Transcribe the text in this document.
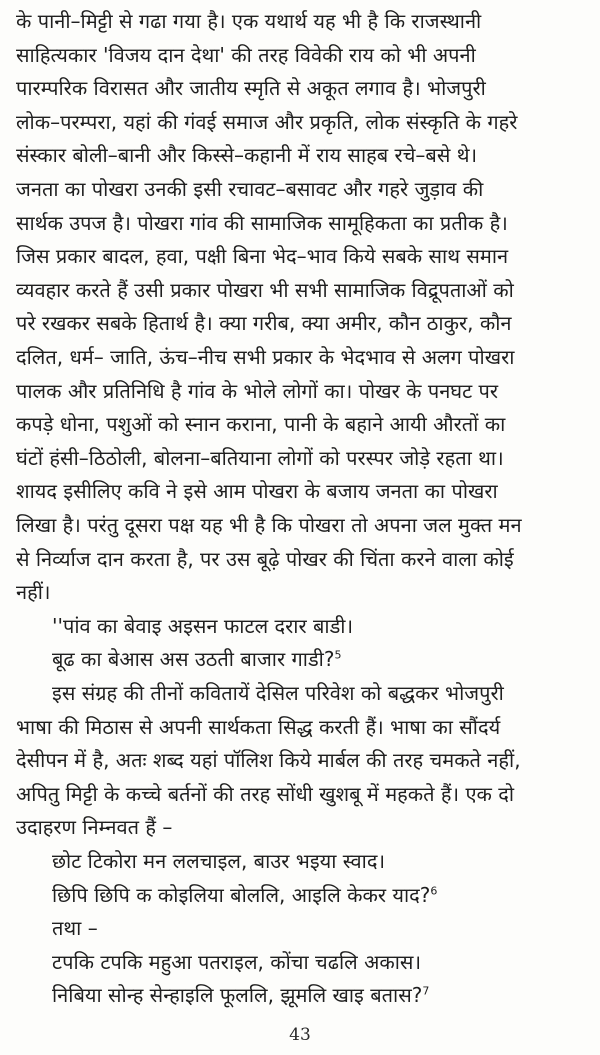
के पानी–मिट्टी से गढा गया है। एक यथार्थ यह भी है कि राजस्थानी
साहित्यकार 'विजय दान देथा' की तरह विवेकी राय को भी अपनी
पारम्परिक विरासत और जातीय स्मृति से अकूत लगाव है। भोजपुरी
लोक–परम्परा, यहां की गंवई समाज और प्रकृति, लोक संस्कृति के गहरे
संस्कार बोली–बानी और किस्से–कहानी में राय साहब रचे–बसे थे।
जनता का पोखरा उनकी इसी रचावट–बसावट और गहरे जुड़ाव की
सार्थक उपज है। पोखरा गांव की सामाजिक सामूहिकता का प्रतीक है।
जिस प्रकार बादल, हवा, पक्षी बिना भेद–भाव किये सबके साथ समान
व्यवहार करते हैं उसी प्रकार पोखरा भी सभी सामाजिक विद्रूपताओं को
परे रखकर सबके हितार्थ है। क्या गरीब, क्या अमीर, कौन ठाकुर, कौन
दलित, धर्म– जाति, ऊंच–नीच सभी प्रकार के भेदभाव से अलग पोखरा
पालक और प्रतिनिधि है गांव के भोले लोगों का। पोखर के पनघट पर
कपड़े धोना, पशुओं को स्नान कराना, पानी के बहाने आयी औरतों का
घंटों हंसी–ठिठोली, बोलना–बतियाना लोगों को परस्पर जोड़े रहता था।
शायद इसीलिए कवि ने इसे आम पोखरा के बजाय जनता का पोखरा
लिखा है। परंतु दूसरा पक्ष यह भी है कि पोखरा तो अपना जल मुक्त मन
से निर्व्याज दान करता है, पर उस बूढ़े पोखर की चिंता करने वाला कोई
नहीं।
''पांव का बेवाइ अइसन फाटल दरार बाडी।
बूढ का बेआस अस उठती बाजार गाडी?$^5$
इस संग्रह की तीनों कवितायें देसिल परिवेश को बद्धकर भोजपुरी
भाषा की मिठास से अपनी सार्थकता सिद्ध करती हैं। भाषा का सौंदर्य
देसीपन में है, अतः शब्द यहां पॉलिश किये मार्बल की तरह चमकते नहीं,
अपितु मिट्टी के कच्चे बर्तनों की तरह सोंधी खुशबू में महकते हैं। एक दो
उदाहरण निम्नवत हैं –
छोट टिकोरा मन ललचाइल, बाउर भइया स्वाद।
छिपि छिपि क कोइलिया बोललि, आइलि केकर याद?$^6$
तथा –
टपकि टपकि महुआ पतराइल, कोंचा चढलि अकास।
निबिया सोन्ह सेन्हाइलि फूललि, झूमलि खाइ बतास?$^7$
43
